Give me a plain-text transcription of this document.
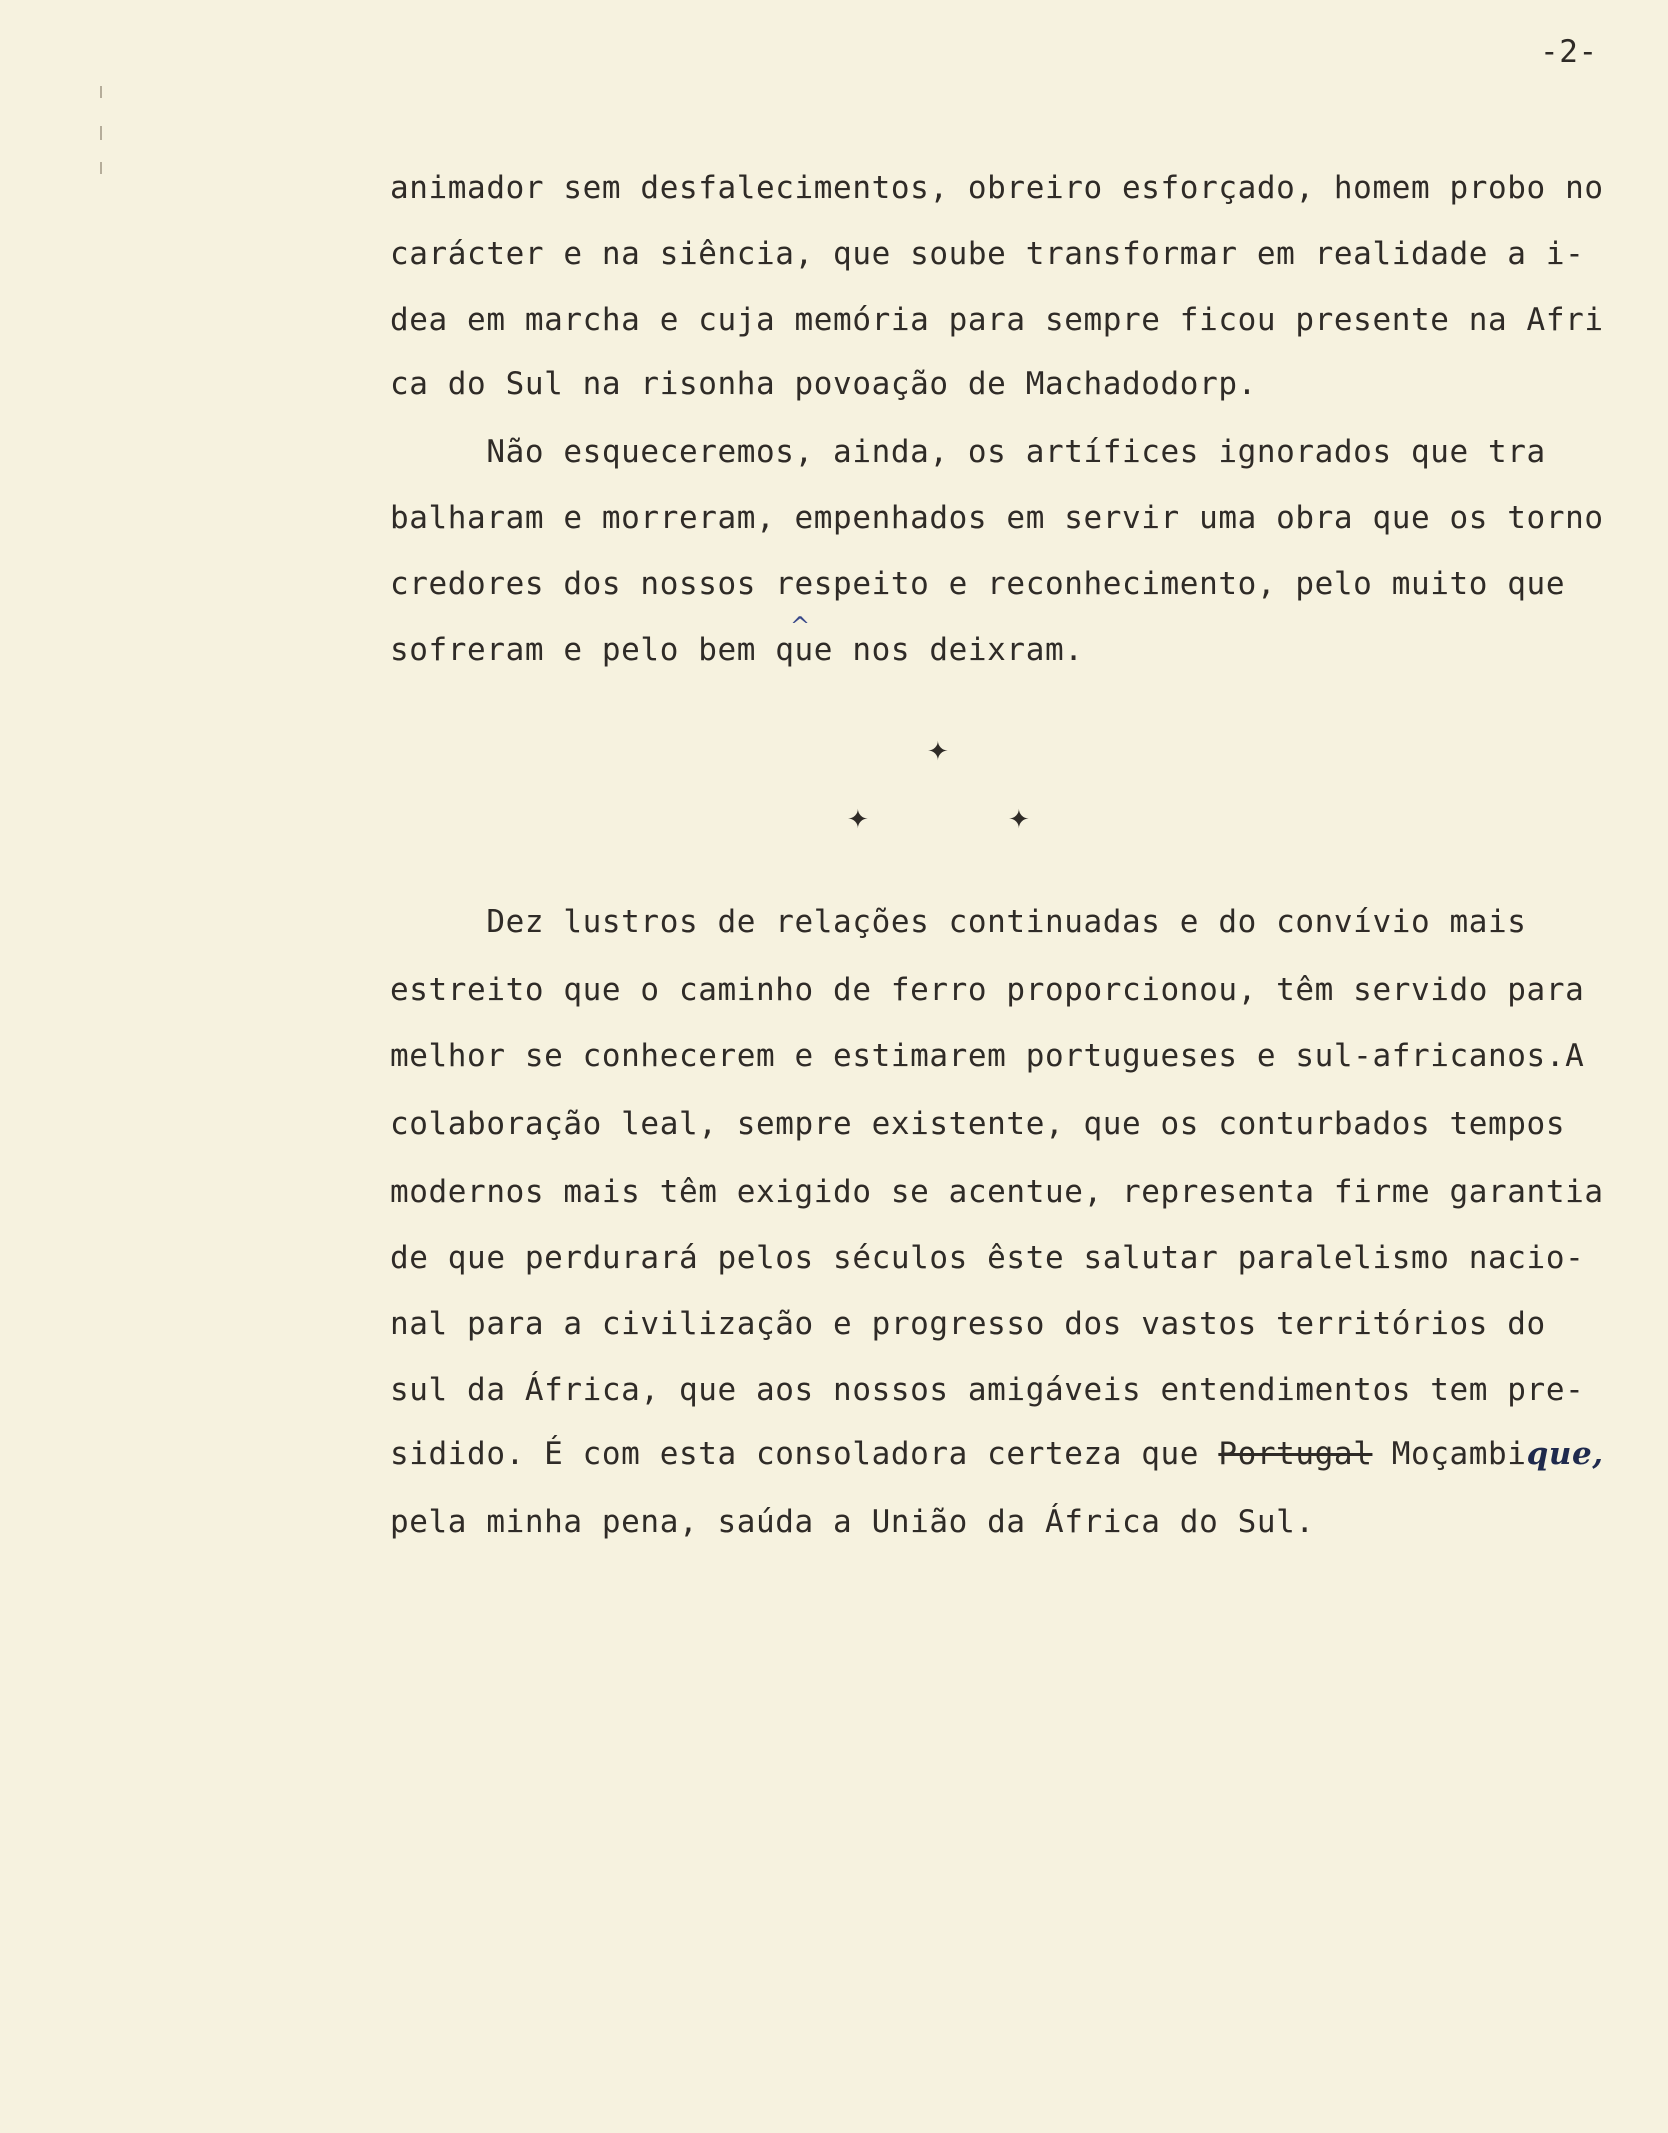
-2-
animador sem desfalecimentos, obreiro esforçado, homem probo no
carácter e na siência, que soube transformar em realidade a i-
dea em marcha e cuja memória para sempre ficou presente na Afri
ca do Sul na risonha povoação de Machadodorp.
Não esqueceremos, ainda, os artífices ignorados que tra
balharam e morreram, empenhados em servir uma obra que os torno
credores dos nossos respeito e reconhecimento, pelo muito que
sofreram e pelo bem que nos deixram.
^
✦
✦	✦
Dez lustros de relações continuadas e do convívio mais
estreito que o caminho de ferro proporcionou, têm servido para
melhor se conhecerem e estimarem portugueses e sul-africanos.A
colaboração leal, sempre existente, que os conturbados tempos
modernos mais têm exigido se acentue, representa firme garantia
de que perdurará pelos séculos êste salutar paralelismo nacio-
nal para a civilização e progresso dos vastos territórios do
sul da África, que aos nossos amigáveis entendimentos tem pre-
sidido. É com esta consoladora certeza que Portugal Moçambique,
pela minha pena, saúda a União da África do Sul.
